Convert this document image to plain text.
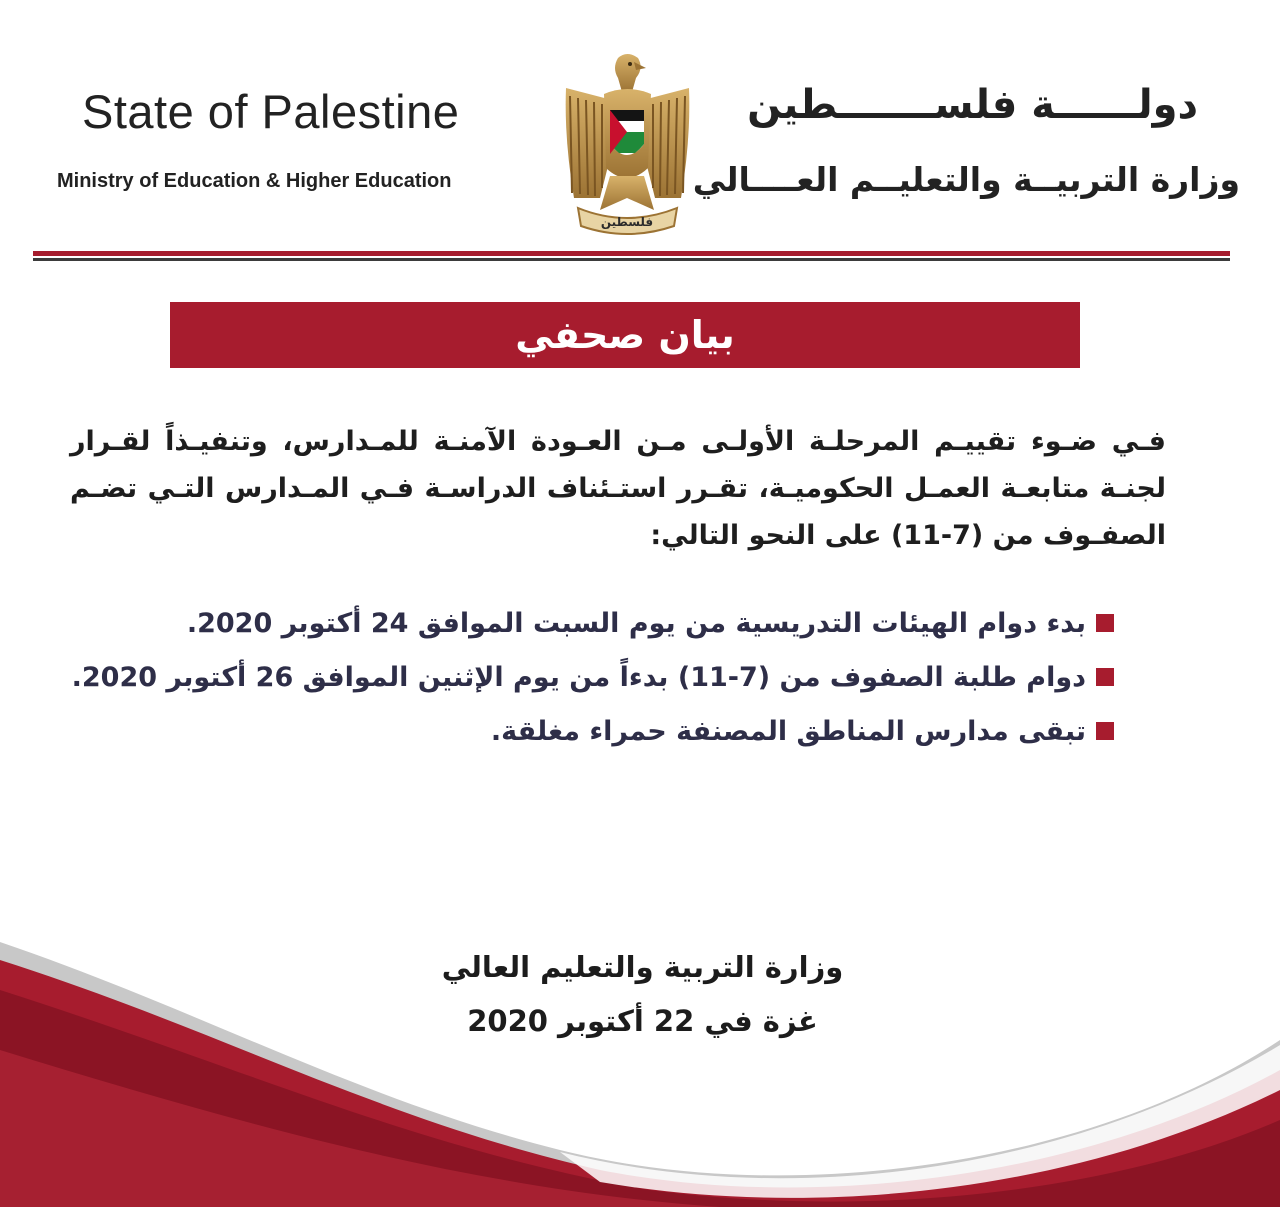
State of Palestine
Ministry of Education & Higher Education
دولــــــة فلســـــــطين
وزارة التربيــة والتعليــم العــــالي
فلسطين
بيان صحفي
فـي ضـوء تقييـم المرحلـة الأولـى مـن العـودة الآمنـة للمـدارس، وتنفيـذاً لقـرار لجنـة متابعـة العمـل الحكوميـة، تقـرر استـئناف الدراسـة فـي المـدارس التـي تضـم الصفـوف من (7-11) على النحو التالي:
بدء دوام الهيئات التدريسية من يوم السبت الموافق 24 أكتوبر 2020.
دوام طلبة الصفوف من (7-11) بدءاً من يوم الإثنين الموافق 26 أكتوبر 2020.
تبقى مدارس المناطق المصنفة حمراء مغلقة.
وزارة التربية والتعليم العالي
غزة في 22 أكتوبر 2020
